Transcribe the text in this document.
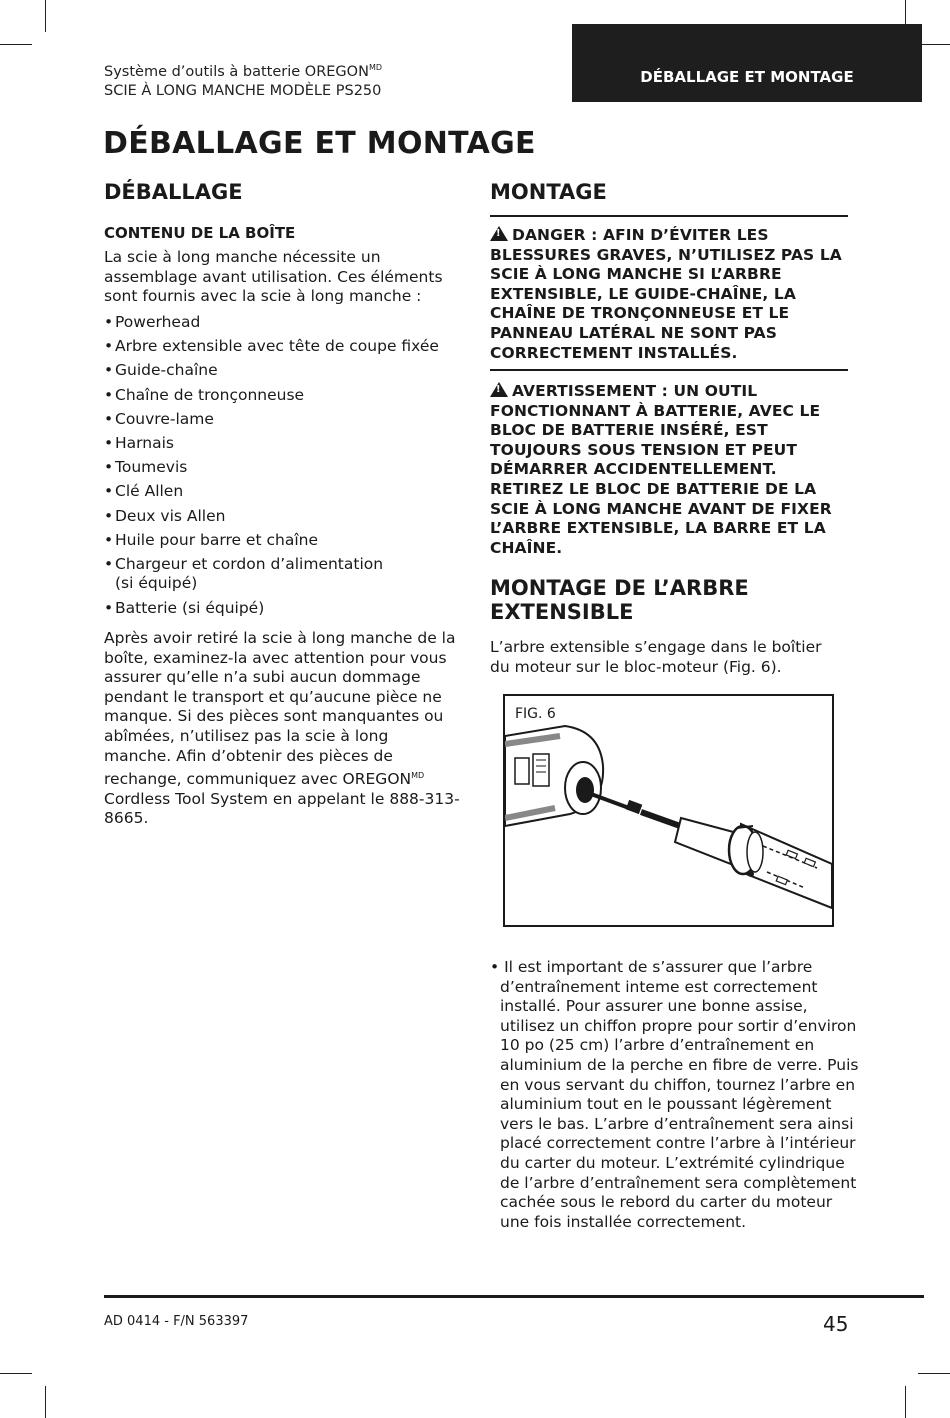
Système d’outils à batterie $OREGON^{MD}$
SCIE À LONG MANCHE MODÈLE PS250
DÉBALLAGE ET MONTAGE
DÉBALLAGE ET MONTAGE
DÉBALLAGE
CONTENU DE LA BOÎTE

La scie à long manche nécessite un assemblage avant utilisation. Ces éléments sont fournis avec la scie à long manche :

• Powerhead
• Arbre extensible avec tête de coupe fixée
• Guide-chaîne
• Chaîne de tronçonneuse
• Couvre-lame
• Harnais
• Toumevis
• Clé Allen
• Deux vis Allen
• Huile pour barre et chaîne
• Chargeur et cordon d’alimentation (si équipé)
• Batterie (si équipé)

Après avoir retiré la scie à long manche de la boîte, examinez-la avec attention pour vous assurer qu’elle n’a subi aucun dommage pendant le transport et qu’aucune pièce ne manque. Si des pièces sont manquantes ou abîmées, n’utilisez pas la scie à long manche. Afin d’obtenir des pièces de rechange, communiquez avec $OREGON^{MD}$ Cordless Tool System en appelant le 888-313-8665.

MONTAGE

!DANGER : AFIN D’ÉVITER LES BLESSURES GRAVES, N’UTILISEZ PAS LA SCIE À LONG MANCHE SI L’ARBRE EXTENSIBLE, LE GUIDE-CHAÎNE, LA CHAÎNE DE TRONÇONNEUSE ET LE PANNEAU LATÉRAL NE SONT PAS CORRECTEMENT INSTALLÉS.

!AVERTISSEMENT : UN OUTIL FONCTIONNANT À BATTERIE, AVEC LE BLOC DE BATTERIE INSÉRÉ, EST TOUJOURS SOUS TENSION ET PEUT DÉMARRER ACCIDENTELLEMENT. RETIREZ LE BLOC DE BATTERIE DE LA SCIE À LONG MANCHE AVANT DE FIXER L’ARBRE EXTENSIBLE, LA BARRE ET LA CHAÎNE.

MONTAGE DE L’ARBRE
EXTENSIBLE

L’arbre extensible s’engage dans le boîtier du moteur sur le bloc-moteur (Fig. 6).

FIG. 6

• Il est important de s’assurer que l’arbre d’entraînement inteme est correctement installé. Pour assurer une bonne assise, utilisez un chiffon propre pour sortir d’environ 10 po (25 cm) l’arbre d’entraînement en aluminium de la perche en fibre de verre. Puis en vous servant du chiffon, tournez l’arbre en aluminium tout en le poussant légèrement vers le bas. L’arbre d’entraînement sera ainsi placé correctement contre l’arbre à l’intérieur du carter du moteur. L’extrémité cylindrique de l’arbre d’entraînement sera complètement cachée sous le rebord du carter du moteur une fois installée correctement.

AD 0414 - F/N 563397	45
